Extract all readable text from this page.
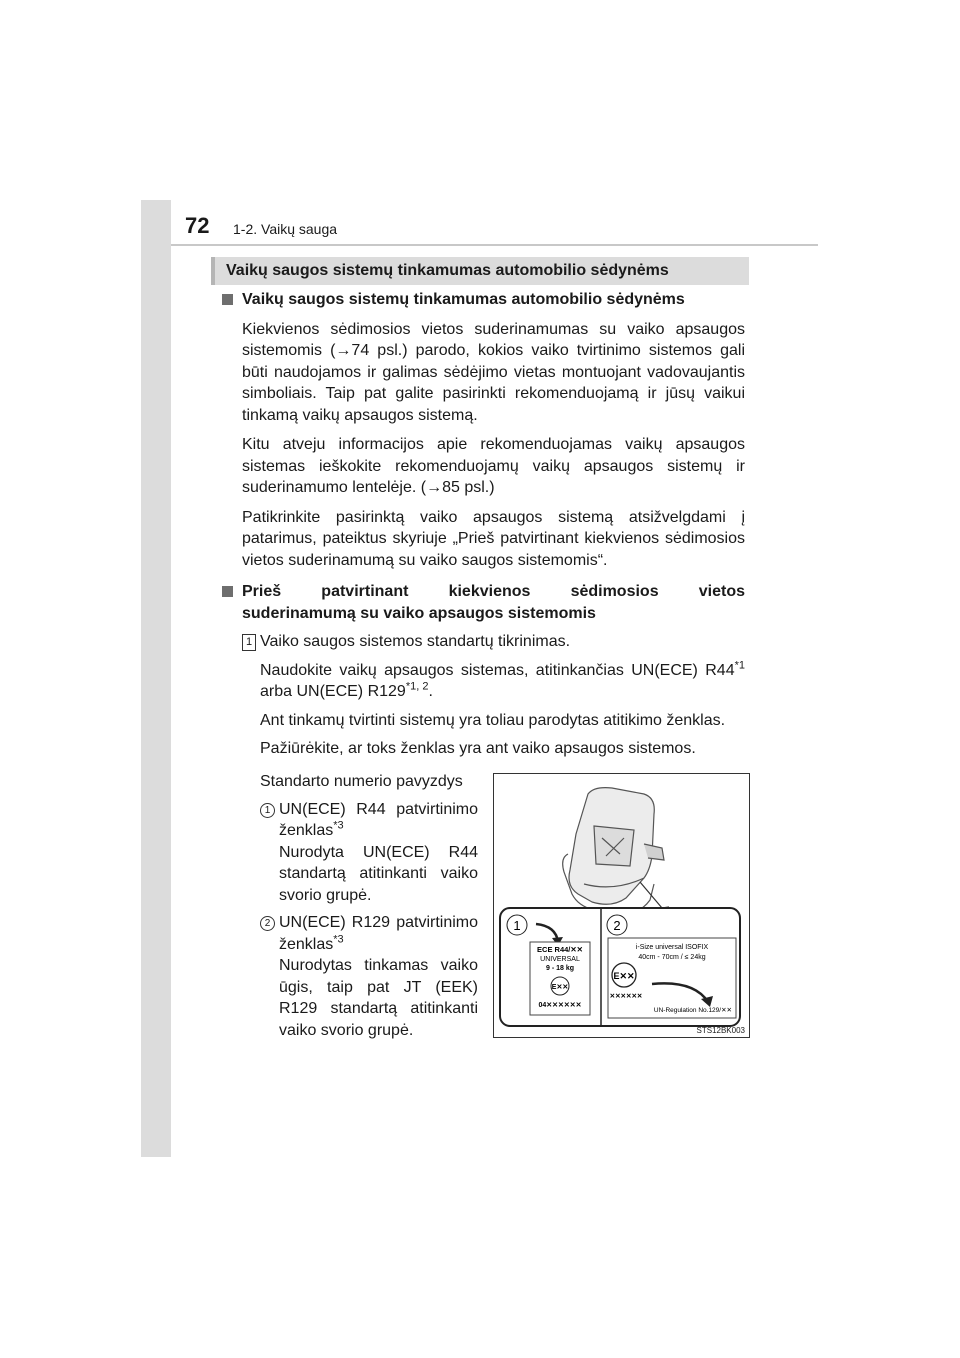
72 1-2. Vaikų sauga
Vaikų saugos sistemų tinkamumas automobilio sėdynėms
Vaikų saugos sistemų tinkamumas automobilio sėdynėms
Kiekvienos sėdimosios vietos suderinamumas su vaiko apsaugos sistemomis (→74 psl.) parodo, kokios vaiko tvirtinimo sistemos gali būti naudojamos ir galimas sėdėjimo vietas montuojant vadovaujantis simboliais. Taip pat galite pasirinkti rekomenduojamą ir jūsų vaikui tinkamą vaikų apsaugos sistemą.
Kitu atveju informacijos apie rekomenduojamas vaikų apsaugos sistemas ieškokite rekomenduojamų vaikų apsaugos sistemų ir suderinamumo lentelėje. (→85 psl.)
Patikrinkite pasirinktą vaiko apsaugos sistemą atsižvelgdami į patarimus, pateiktus skyriuje „Prieš patvirtinant kiekvienos sėdimosios vietos suderinamumą su vaiko saugos sistemomis“.
Prieš patvirtinant kiekvienos sėdimosios vietos
suderinamumą su vaiko apsaugos sistemomis
1 Vaiko saugos sistemos standartų tikrinimas.
Naudokite vaikų apsaugos sistemas, atitinkančias UN(ECE) R44$^{*1}$ arba UN(ECE) R129$^{*1, 2}$.
Ant tinkamų tvirtinti sistemų yra toliau parodytas atitikimo ženklas.
Pažiūrėkite, ar toks ženklas yra ant vaiko apsaugos sistemos.
Standarto numerio pavyzdys
1 UN(ECE) R44 patvirtinimo ženklas$^{*3}$
Nurodyta UN(ECE) R44 standartą atitinkanti vaiko svorio grupė.
2 UN(ECE) R129 patvirtinimo ženklas$^{*3}$
Nurodytas tinkamas vaiko ūgis, taip pat JT (EEK) R129 standartą atitinkanti vaiko svorio grupė.
1	2
ECE R44/✕✕
UNIVERSAL
9 - 18 kg
E✕✕
04✕✕✕✕✕✕
i-Size universal ISOFIX
40cm - 70cm / ≤ 24kg
E✕✕
✕✕✕✕✕✕
UN-Regulation No.129/✕✕
STS12BK003
